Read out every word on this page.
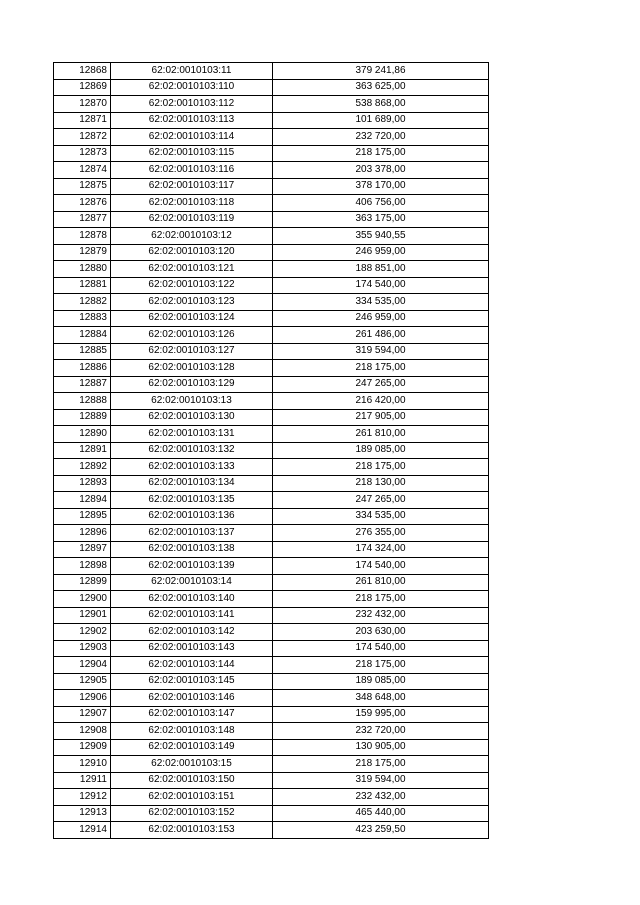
12868	62:02:0010103:11	379 241,86
12869	62:02:0010103:110	363 625,00
12870	62:02:0010103:112	538 868,00
12871	62:02:0010103:113	101 689,00
12872	62:02:0010103:114	232 720,00
12873	62:02:0010103:115	218 175,00
12874	62:02:0010103:116	203 378,00
12875	62:02:0010103:117	378 170,00
12876	62:02:0010103:118	406 756,00
12877	62:02:0010103:119	363 175,00
12878	62:02:0010103:12	355 940,55
12879	62:02:0010103:120	246 959,00
12880	62:02:0010103:121	188 851,00
12881	62:02:0010103:122	174 540,00
12882	62:02:0010103:123	334 535,00
12883	62:02:0010103:124	246 959,00
12884	62:02:0010103:126	261 486,00
12885	62:02:0010103:127	319 594,00
12886	62:02:0010103:128	218 175,00
12887	62:02:0010103:129	247 265,00
12888	62:02:0010103:13	216 420,00
12889	62:02:0010103:130	217 905,00
12890	62:02:0010103:131	261 810,00
12891	62:02:0010103:132	189 085,00
12892	62:02:0010103:133	218 175,00
12893	62:02:0010103:134	218 130,00
12894	62:02:0010103:135	247 265,00
12895	62:02:0010103:136	334 535,00
12896	62:02:0010103:137	276 355,00
12897	62:02:0010103:138	174 324,00
12898	62:02:0010103:139	174 540,00
12899	62:02:0010103:14	261 810,00
12900	62:02:0010103:140	218 175,00
12901	62:02:0010103:141	232 432,00
12902	62:02:0010103:142	203 630,00
12903	62:02:0010103:143	174 540,00
12904	62:02:0010103:144	218 175,00
12905	62:02:0010103:145	189 085,00
12906	62:02:0010103:146	348 648,00
12907	62:02:0010103:147	159 995,00
12908	62:02:0010103:148	232 720,00
12909	62:02:0010103:149	130 905,00
12910	62:02:0010103:15	218 175,00
12911	62:02:0010103:150	319 594,00
12912	62:02:0010103:151	232 432,00
12913	62:02:0010103:152	465 440,00
12914	62:02:0010103:153	423 259,50
